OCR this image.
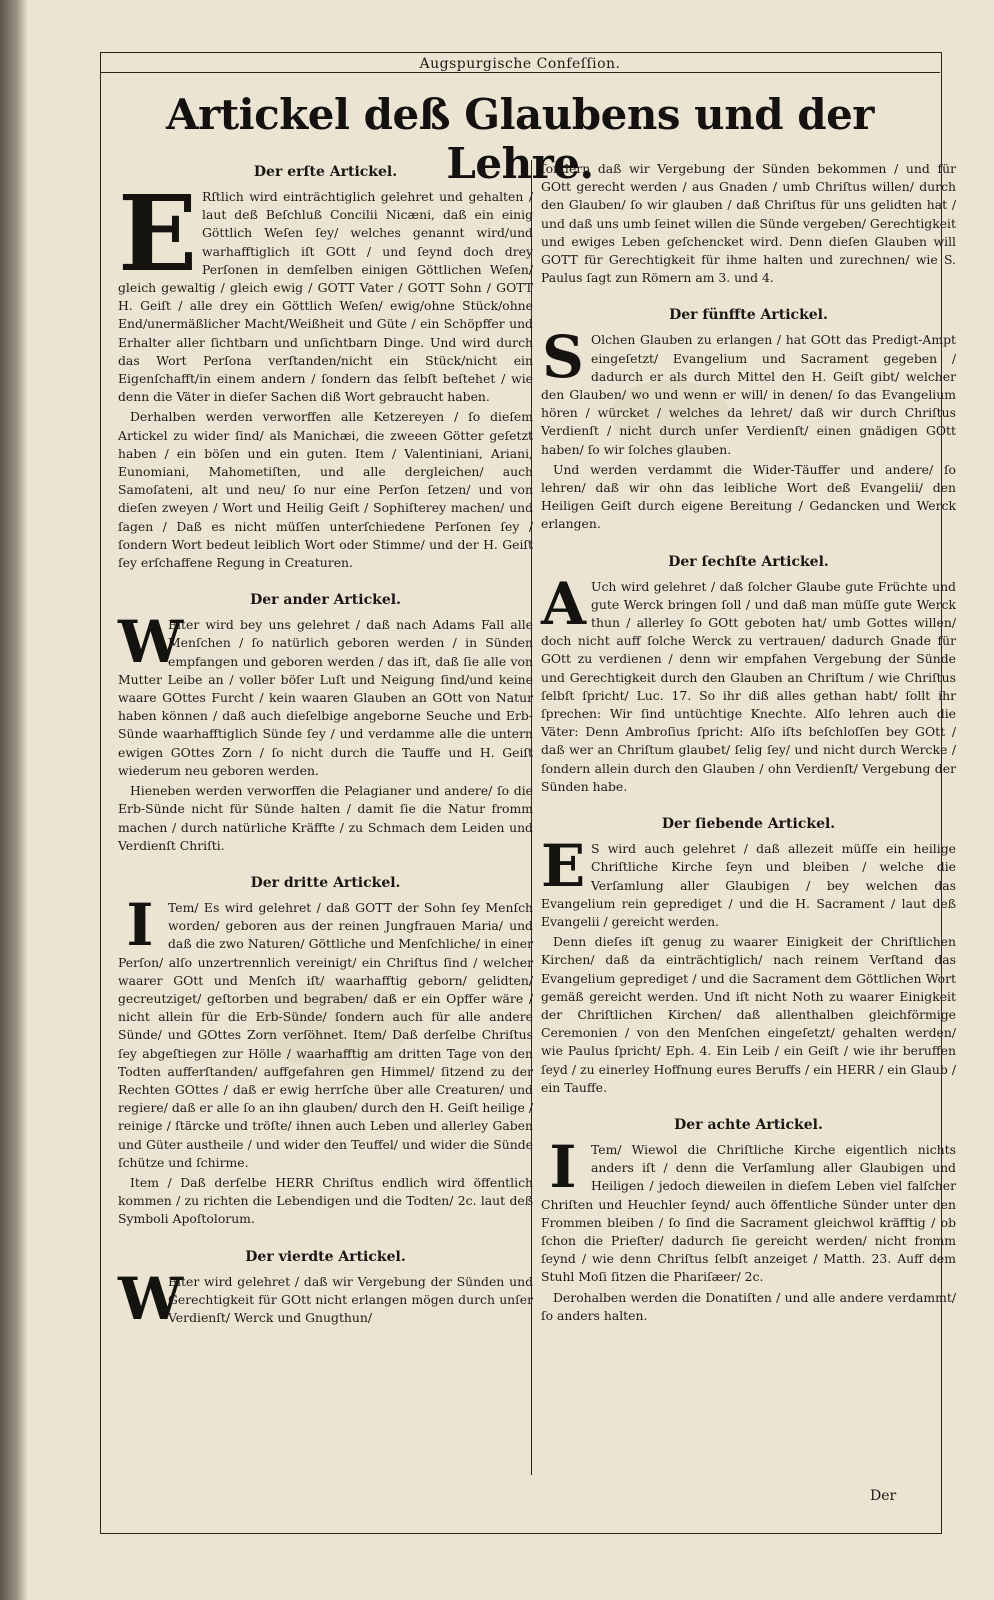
Augspurgische Confeſſion.
Artickel deß Glaubens und der Lehre.
Der erſte Artickel.
E Rſtlich wird einträchtiglich gelehret und gehalten / laut deß Beſchluß Concilii Nicæni, daß ein einig Göttlich Weſen ſey/ welches genannt wird/und warhafftiglich iſt GOtt / und ſeynd doch drey Perſonen in demſelben einigen Göttlichen Weſen/ gleich gewaltig / gleich ewig / GOTT Vater / GOTT Sohn / GOTT H. Geiſt / alle drey ein Göttlich Weſen/ ewig/ohne Stück/ohne End/unermäßlicher Macht/Weißheit und Güte / ein Schöpffer und Erhalter aller ſichtbarn und unſichtbarn Dinge. Und wird durch das Wort Perſona verſtanden/nicht ein Stück/nicht ein Eigenſchafft/in einem andern / ſondern das ſelbſt beſtehet / wie denn die Väter in dieſer Sachen diß Wort gebraucht haben.

Derhalben werden verworffen alle Ketzereyen / ſo dieſem Artickel zu wider ſind/ als Manichæi, die zweeen Götter geſetzt haben / ein böſen und ein guten. Item / Valentiniani, Ariani, Eunomiani, Mahometiſten, und alle dergleichen/ auch Samoſateni, alt und neu/ ſo nur eine Perſon ſetzen/ und von dieſen zweyen / Wort und Heilig Geiſt / Sophiſterey machen/ und ſagen / Daß es nicht müſſen unterſchiedene Perſonen ſey / ſondern Wort bedeut leiblich Wort oder Stimme/ und der H. Geiſt ſey erſchaffene Regung in Creaturen.

Der ander Artickel.
W

Eiter wird bey uns gelehret / daß nach Adams Fall alle Menſchen / ſo natürlich geboren werden / in Sünden empfangen und geboren werden / das iſt, daß ſie alle von Mutter Leibe an / voller böſer Luſt und Neigung ſind/und keine waare GOttes Furcht / kein waaren Glauben an GOtt von Natur haben können / daß auch dieſelbige angeborne Seuche und Erb-Sünde waarhafftiglich Sünde ſey / und verdamme alle die untern ewigen GOttes Zorn / ſo nicht durch die Tauffe und H. Geiſt wiederum neu geboren werden.

Hieneben werden verworffen die Pelagianer und andere/ ſo die Erb-Sünde nicht für Sünde halten / damit ſie die Natur fromm machen / durch natürliche Kräffte / zu Schmach dem Leiden und Verdienſt Chriſti.

Der dritte Artickel.
I	Tem/ Es wird gelehret / daß GOTT der Sohn ſey Menſch worden/ geboren aus der reinen Jungfrauen Maria/ und daß die zwo Naturen/ Göttliche und Menſchliche/ in einer Perſon/ alſo unzertrennlich vereinigt/ ein Chriſtus ſind / welcher waarer GOtt und Menſch iſt/ waarhafftig geborn/ gelidten/ gecreutziget/ geſtorben und begraben/ daß er ein Opffer wäre / nicht allein für die Erb-Sünde/ ſondern auch für alle andere Sünde/ und GOttes Zorn verſöhnet. Item/ Daß derſelbe Chriſtus ſey abgeſtiegen zur Hölle / waarhafftig am dritten Tage von den Todten aufferſtanden/ auffgefahren gen Himmel/ ſitzend zu der Rechten GOttes / daß er ewig herrſche über alle Creaturen/ und regiere/ daß er alle ſo an ihn glauben/ durch den H. Geiſt heilige / reinige / ſtärcke und tröſte/ ihnen auch Leben und allerley Gaben und Güter austheile / und wider den Teuffel/ und wider die Sünde ſchütze und ſchirme.

Item / Daß derſelbe HERR Chriſtus endlich wird öffentlich kommen / zu richten die Lebendigen und die Todten/ 2c. laut deß Symboli Apoſtolorum.

Der vierdte Artickel.
W

Eiter wird gelehret / daß wir Vergebung der Sünden und Gerechtigkeit für GOtt nicht erlangen mögen durch unſer Verdienſt/ Werck und Gnugthun/

ſondern daß wir Vergebung der Sünden bekommen / und für GOtt gerecht werden / aus Gnaden / umb Chriſtus willen/ durch den Glauben/ ſo wir glauben / daß Chriſtus für uns gelidten hat / und daß uns umb ſeinet willen die Sünde vergeben/ Gerechtigkeit und ewiges Leben geſchencket wird. Denn dieſen Glauben will GOTT für Gerechtigkeit für ihme halten und zurechnen/ wie S. Paulus ſagt zun Römern am 3. und 4.

Der fünffte Artickel.
S Olchen Glauben zu erlangen / hat GOtt das Predigt-Ampt eingeſetzt/ Evangelium und Sacrament gegeben / dadurch er als durch Mittel den H. Geiſt gibt/ welcher den Glauben/ wo und wenn er will/ in denen/ ſo das Evangelium hören / würcket / welches da lehret/ daß wir durch Chriſtus Verdienſt / nicht durch unſer Verdienſt/ einen gnädigen GOtt haben/ ſo wir ſolches glauben.

Und werden verdammt die Wider-Täuffer und andere/ ſo lehren/ daß wir ohn das leibliche Wort deß Evangelii/ den Heiligen Geiſt durch eigene Bereitung / Gedancken und Werck erlangen.

Der ſechſte Artickel.
A Uch wird gelehret / daß ſolcher Glaube gute Früchte und gute Werck bringen ſoll / und daß man müſſe gute Werck thun / allerley ſo GOtt geboten hat/ umb Gottes willen/ doch nicht auff ſolche Werck zu vertrauen/ dadurch Gnade für GOtt zu verdienen / denn wir empfahen Vergebung der Sünde und Gerechtigkeit durch den Glauben an Chriſtum / wie Chriſtus ſelbſt ſpricht/ Luc. 17. So ihr diß alles gethan habt/ ſollt ihr ſprechen: Wir ſind untüchtige Knechte. Alſo lehren auch die Väter: Denn Ambroſius ſpricht: Alſo iſts beſchloſſen bey GOtt / daß wer an Chriſtum glaubet/ ſelig ſey/ und nicht durch Wercke / ſondern allein durch den Glauben / ohn Verdienſt/ Vergebung der Sünden habe.

Der ſiebende Artickel.
E S wird auch gelehret / daß allezeit müſſe ein heilige Chriſtliche Kirche ſeyn und bleiben / welche die Verſamlung aller Glaubigen / bey welchen das Evangelium rein geprediget / und die H. Sacrament / laut deß Evangelii / gereicht werden.

Denn dieſes iſt genug zu waarer Einigkeit der Chriſtlichen Kirchen/ daß da einträchtiglich/ nach reinem Verſtand das Evangelium geprediget / und die Sacrament dem Göttlichen Wort gemäß gereicht werden. Und iſt nicht Noth zu waarer Einigkeit der Chriſtlichen Kirchen/ daß allenthalben gleichförmige Ceremonien / von den Menſchen eingeſetzt/ gehalten werden/ wie Paulus ſpricht/ Eph. 4. Ein Leib / ein Geiſt / wie ihr beruffen ſeyd / zu einerley Hoffnung eures Beruffs / ein HERR / ein Glaub / ein Tauffe.

Der achte Artickel.
I	Tem/ Wiewol die Chriſtliche Kirche eigentlich nichts anders iſt / denn die Verſamlung aller Glaubigen und Heiligen / jedoch dieweilen in dieſem Leben viel falſcher Chriſten und Heuchler ſeynd/ auch öffentliche Sünder unter den Frommen bleiben / ſo ſind die Sacrament gleichwol kräfftig / ob ſchon die Prieſter/ dadurch ſie gereicht werden/ nicht fromm ſeynd / wie denn Chriſtus ſelbſt anzeiget / Matth. 23. Auff dem Stuhl Moſi ſitzen die Phariſæer/ 2c.

Derohalben werden die Donatiſten / und alle andere verdammt/ ſo anders halten.

Der
